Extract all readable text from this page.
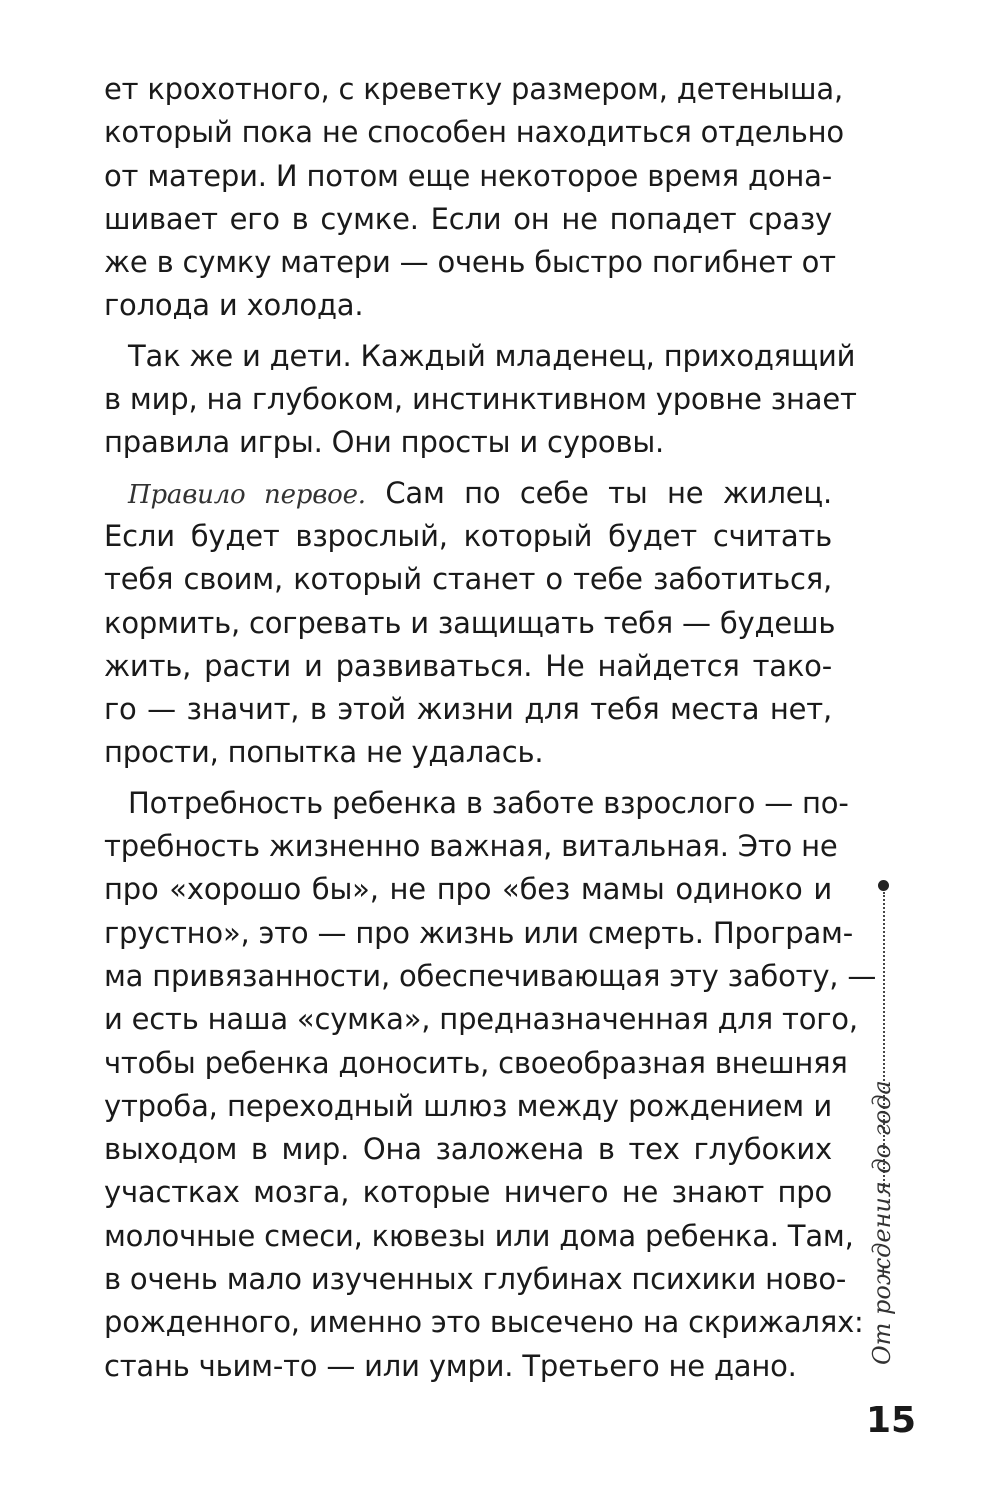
ет крохотного, с креветку размером, детеныша,
который пока не способен находиться отдельно
от матери. И потом еще некоторое время дона-
шивает его в сумке. Если он не попадет сразу
же в сумку матери — очень быстро погибнет от
голода и холода.
Так же и дети. Каждый младенец, приходящий
в мир, на глубоком, инстинктивном уровне знает
правила игры. Они просты и суровы.
Правило первое. Сам по себе ты не жилец.
Если будет взрослый, который будет считать
тебя своим, который станет о тебе заботиться,
кормить, согревать и защищать тебя — будешь
жить, расти и развиваться. Не найдется тако-
го — значит, в этой жизни для тебя места нет,
прости, попытка не удалась.
Потребность ребенка в заботе взрослого — по-
требность жизненно важная, витальная. Это не
про «хорошо бы», не про «без мамы одиноко и
грустно», это — про жизнь или смерть. Програм-
ма привязанности, обеспечивающая эту заботу, —
и есть наша «сумка», предназначенная для того,
чтобы ребенка доносить, своеобразная внешняя
утроба, переходный шлюз между рождением и
выходом в мир. Она заложена в тех глубоких
участках мозга, которые ничего не знают про
молочные смеси, кювезы или дома ребенка. Там,
в очень мало изученных глубинах психики ново-
рожденного, именно это высечено на скрижалях:
стань чьим-то — или умри. Третьего не дано.
От рождения до года
15
